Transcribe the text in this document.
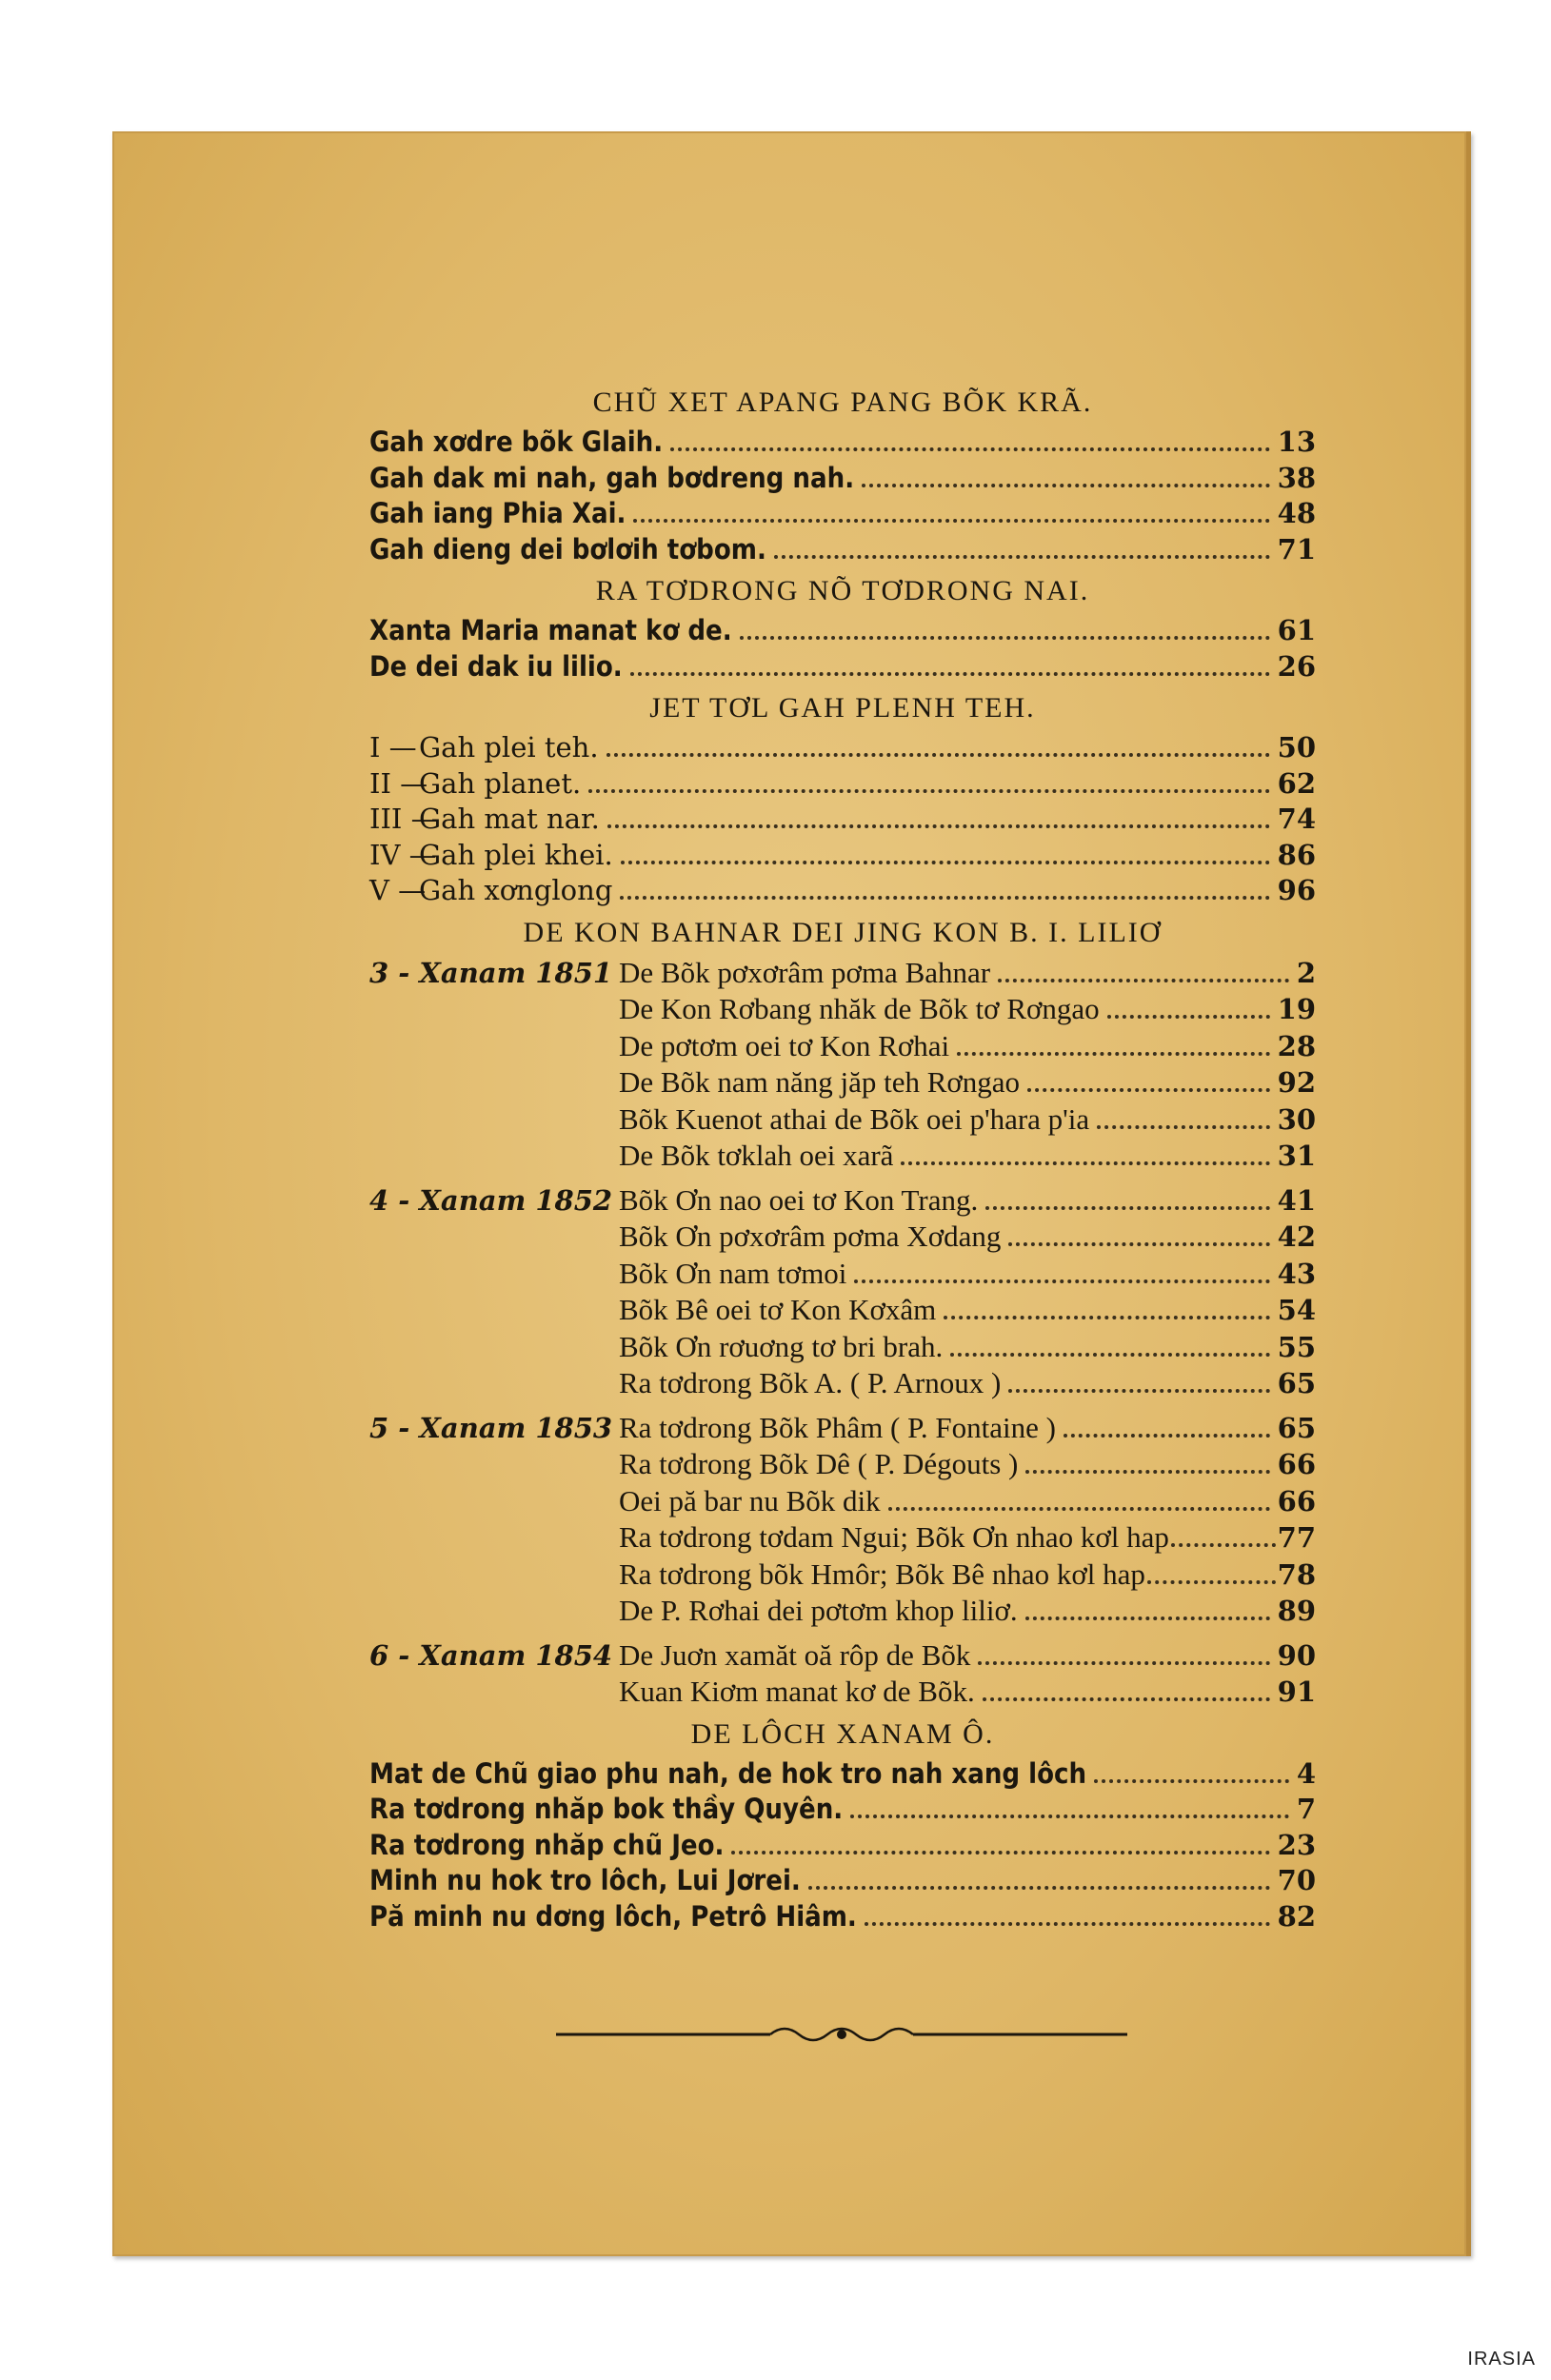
CHŨ XET APANG PANG BÕK KRÃ.
Gah xơdre bõk Glaih.	13
Gah dak mi nah, gah bơdreng nah.	38
Gah iang Phia Xai.	48
Gah dieng dei bơlơih tơbom.	71
RA TƠDRONG NÕ TƠDRONG NAI.
Xanta Maria manat kơ de.	61
De dei dak iu lilio.	26
JET TƠL GAH PLENH TEH.
I —Gah plei teh.	50
II —Gah planet.	62
III —Gah mat nar.	74
IV —Gah plei khei.	86
V —Gah xơnglong	96
DE KON BAHNAR DEI JING KON B. I. LILIƠ
3 - Xanam 1851 De Bõk pơxơrâm pơma Bahnar	2
De Kon Rơbang nhăk de Bõk tơ Rơngao	19
De pơtơm oei tơ Kon Rơhai	28
De Bõk nam năng jăp teh Rơngao	92
Bõk Kuenot athai de Bõk oei p'hara p'ia	30
De Bõk tơklah oei xarã	31
4 - Xanam 1852 Bõk Ơn nao oei tơ Kon Trang.	41
Bõk Ơn pơxơrâm pơma Xơdang	42
Bõk Ơn nam tơmoi	43
Bõk Bê oei tơ Kon Kơxâm	54
Bõk Ơn rơuơng tơ bri brah.	55
Ra tơdrong Bõk A. ( P. Arnoux )	65
5 - Xanam 1853 Ra tơdrong Bõk Phâm ( P. Fontaine )	65
Ra tơdrong Bõk Dê ( P. Dégouts )	66
Oei pă bar nu Bõk dik	66
Ra tơdrong tơdam Ngui; Bõk Ơn nhao kơl hap	77
Ra tơdrong bõk Hmôr; Bõk Bê nhao kơl hap	78
De P. Rơhai dei pơtơm khop liliơ.	89
6 - Xanam 1854 De Juơn xamăt oă rôp de Bõk	90
Kuan Kiơm manat kơ de Bõk.	91
DE LÔCH XANAM Ô.
Mat de Chũ giao phu nah, de hok tro nah xang lôch	4
Ra tơdrong nhăp bok thầy Quyên.	7
Ra tơdrong nhăp chũ Jeo.	23
Minh nu hok tro lôch, Lui Jơrei.	70
Pă minh nu dơng lôch, Petrô Hiâm.	82
IRASIA
